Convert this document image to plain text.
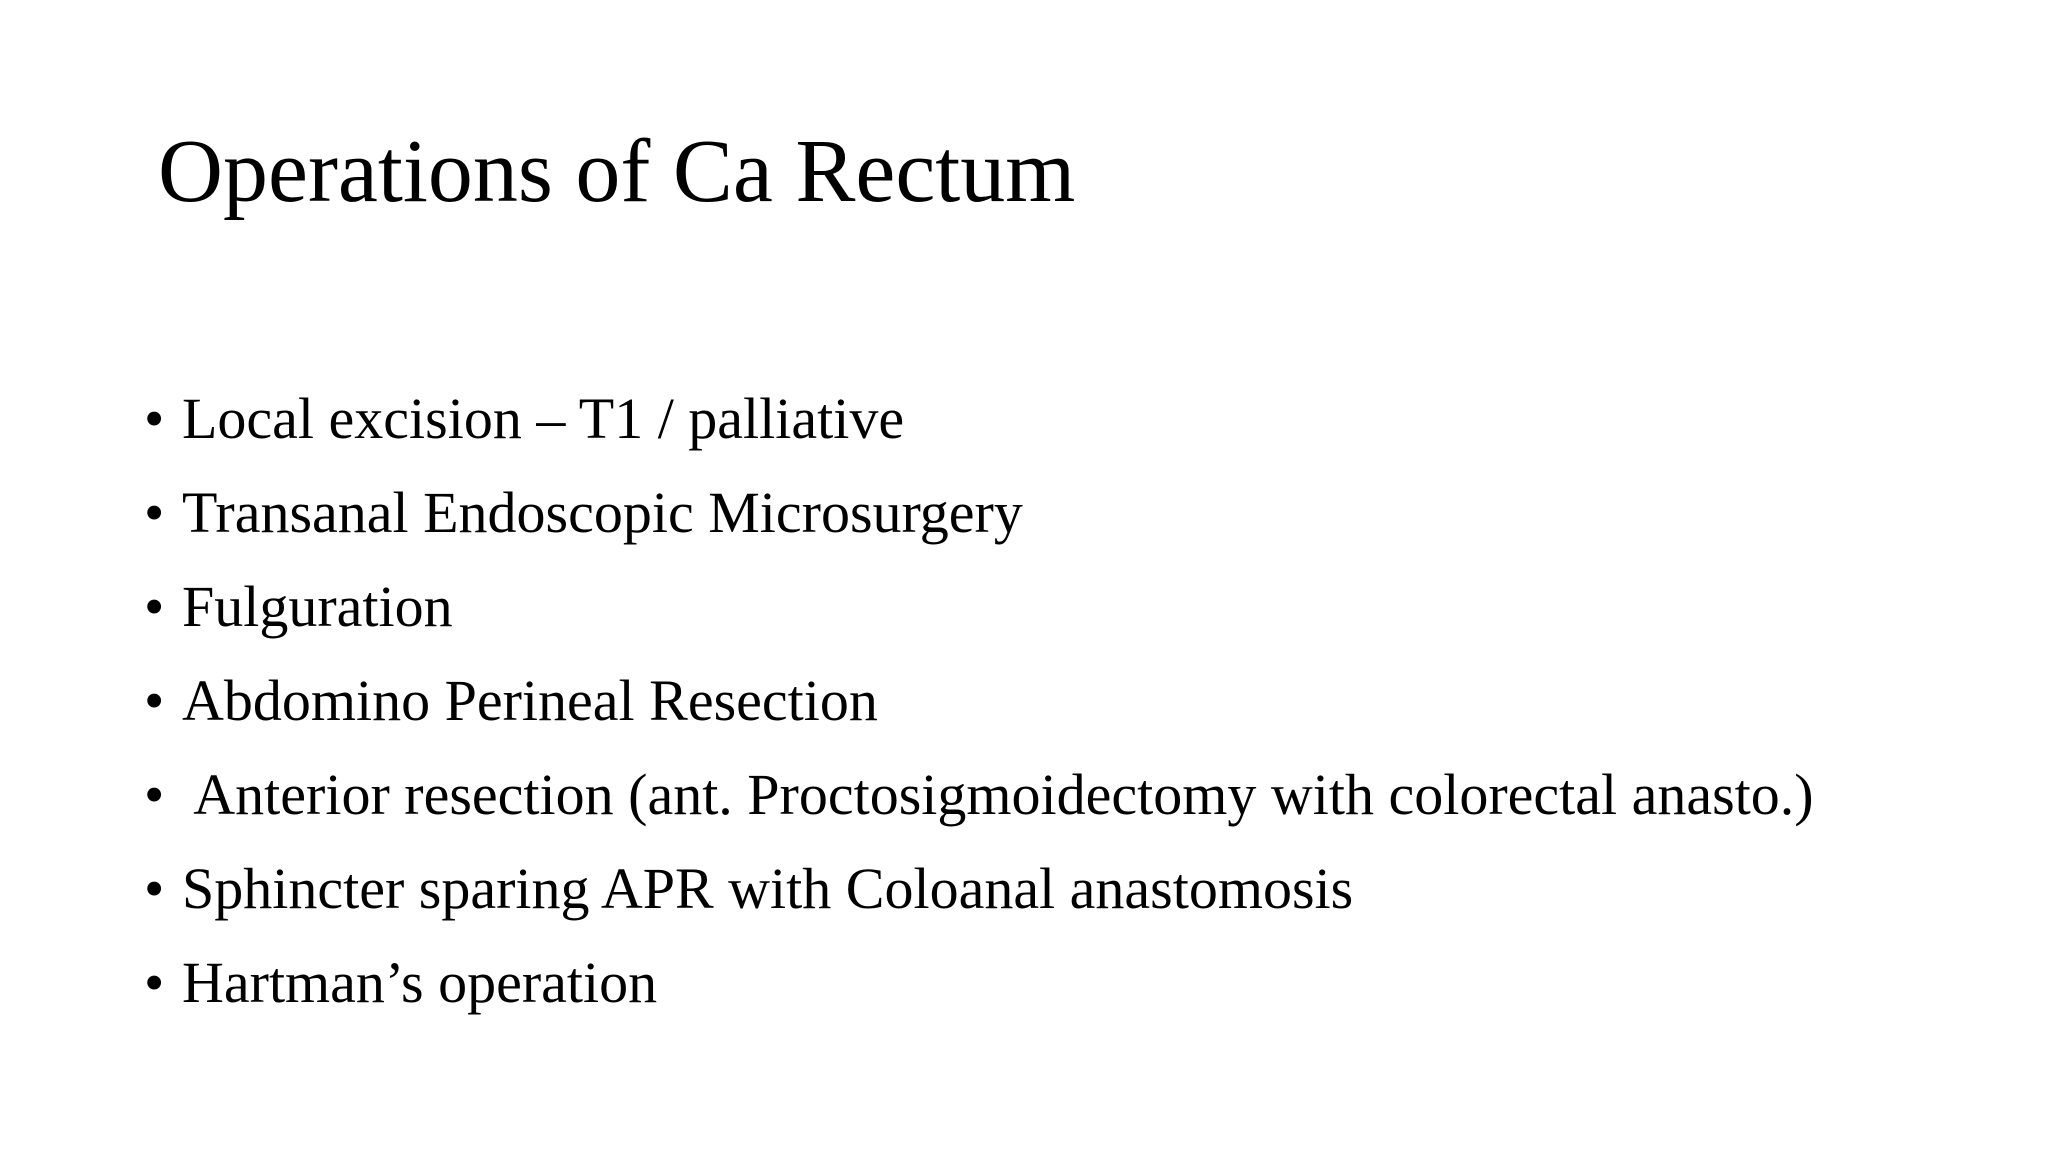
Operations of Ca Rectum
• Local excision – T1 / palliative
• Transanal Endoscopic Microsurgery
• Fulguration
• Abdomino Perineal Resection
• Anterior resection (ant. Proctosigmoidectomy with colorectal anasto.)
• Sphincter sparing APR with Coloanal anastomosis
• Hartman’s operation
